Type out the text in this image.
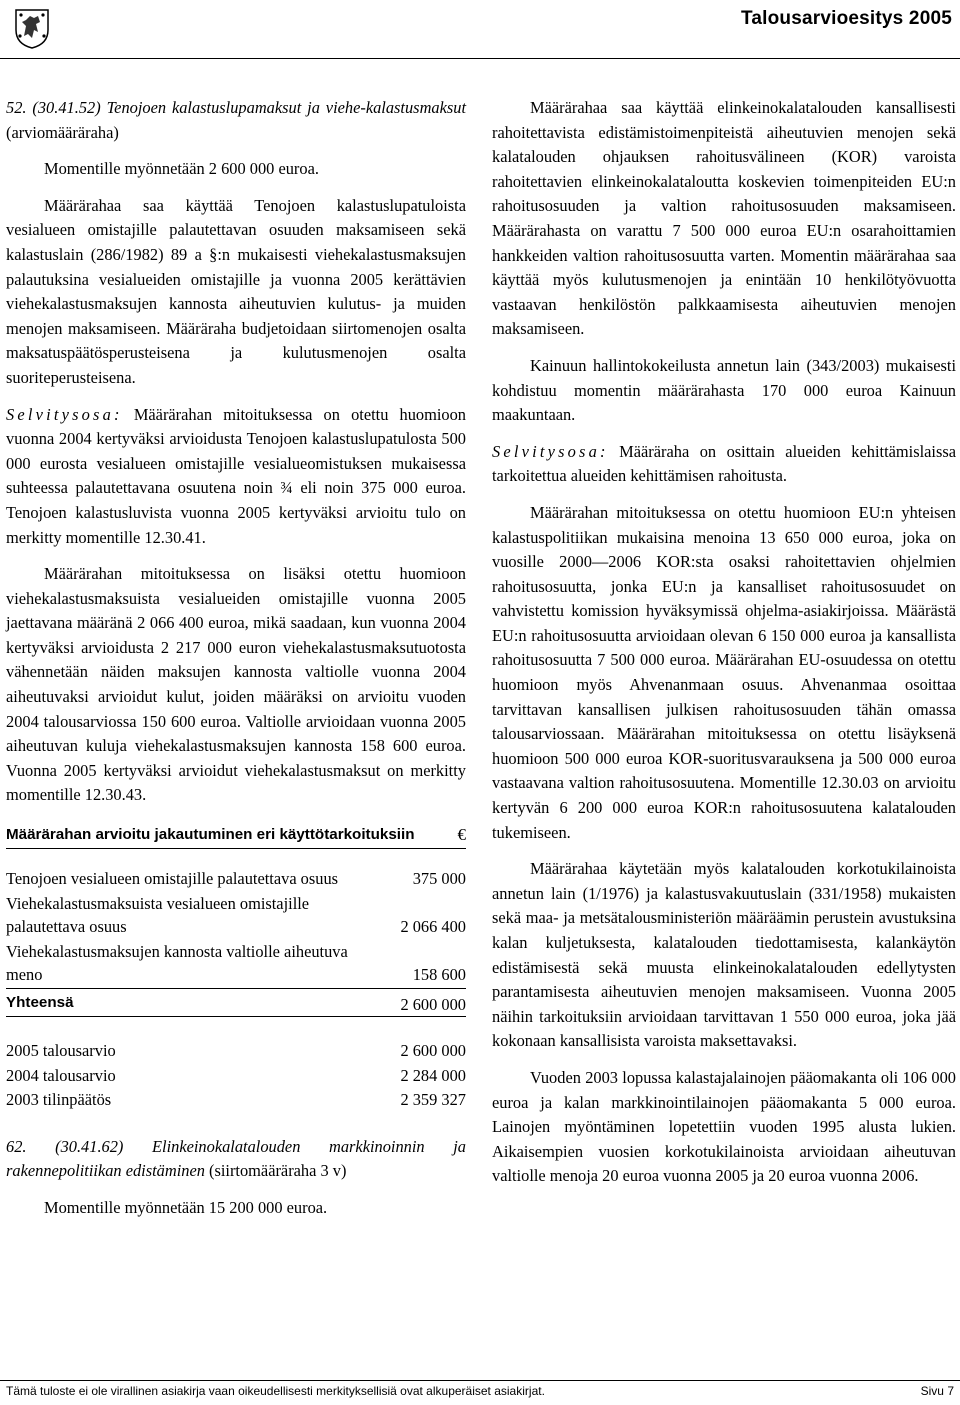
Talousarvioesitys 2005

52. (30.41.52) Tenojoen kalastuslupamaksut ja viehe-kalastusmaksut (arviomääräraha)

Momentille myönnetään 2 600 000 euroa.

Määrärahaa saa käyttää Tenojoen kalastuslupatuloista vesialueen omistajille palautettavan osuuden maksamiseen sekä kalastuslain (286/1982) 89 a §:n mukaisesti viehekalastusmaksujen palautuksina vesialueiden omistajille ja vuonna 2005 kerättävien viehekalastusmaksujen kannosta aiheutuvien kulutus- ja muiden menojen maksamiseen. Määräraha budjetoidaan siirtomenojen osalta maksatuspäätösperusteisena ja kulutusmenojen osalta suoriteperusteisena.

Selvitysosa: Määrärahan mitoituksessa on otettu huomioon vuonna 2004 kertyväksi arvioidusta Tenojoen kalastuslupatulosta 500 000 eurosta vesialueen omistajille vesialueomistuksen mukaisessa suhteessa palautettavana osuutena noin ¾ eli noin 375 000 euroa. Tenojoen kalastusluvista vuonna 2005 kertyväksi arvioitu tulo on merkitty momentille 12.30.41.

Määrärahan mitoituksessa on lisäksi otettu huomioon viehekalastusmaksuista vesialueiden omistajille vuonna 2005 jaettavana määränä 2 066 400 euroa, mikä saadaan, kun vuonna 2004 kertyväksi arvioidusta 2 217 000 euron viehekalastusmaksutuotosta vähennetään näiden maksujen kannosta valtiolle vuonna 2004 aiheutuvaksi arvioidut kulut, joiden määräksi on arvioitu vuoden 2004 talousarviossa 150 600 euroa. Valtiolle arvioidaan vuonna 2005 aiheutuvan kuluja viehekalastusmaksujen kannosta 158 600 euroa. Vuonna 2005 kertyväksi arvioidut viehekalastusmaksut on merkitty momentille 12.30.43.

Määrärahan arvioitu jakautuminen eri käyttötarkoituksiin	€
Tenojoen vesialueen omistajille palautettava osuus	375 000
Viehekalastusmaksuista vesialueen omistajille palautettava osuus	2 066 400
Viehekalastusmaksujen kannosta valtiolle aiheutuva meno	158 600
Yhteensä	2 600 000
2005 talousarvio	2 600 000
2004 talousarvio	2 284 000
2003 tilinpäätös	2 359 327

62. (30.41.62) Elinkeinokalatalouden markkinoinnin ja rakennepolitiikan edistäminen (siirtomääräraha 3 v)

Momentille myönnetään 15 200 000 euroa.

Määrärahaa saa käyttää elinkeinokalatalouden kansallisesti rahoitettavista edistämistoimenpiteistä aiheutuvien menojen sekä kalatalouden ohjauksen rahoitusvälineen (KOR) varoista rahoitettavien elinkeinokalataloutta koskevien toimenpiteiden EU:n rahoitusosuuden ja valtion rahoitusosuuden maksamiseen. Määrärahasta on varattu 7 500 000 euroa EU:n osarahoittamien hankkeiden valtion rahoitusosuutta varten. Momentin määrärahaa saa käyttää myös kulutusmenojen ja enintään 10 henkilötyövuotta vastaavan henkilöstön palkkaamisesta aiheutuvien menojen maksamiseen.

Kainuun hallintokokeilusta annetun lain (343/2003) mukaisesti kohdistuu momentin määrärahasta 170 000 euroa Kainuun maakuntaan.

Selvitysosa: Määräraha on osittain alueiden kehittämislaissa tarkoitettua alueiden kehittämisen rahoitusta.

Määrärahan mitoituksessa on otettu huomioon EU:n yhteisen kalastuspolitiikan mukaisina menoina 13 650 000 euroa, joka on vuosille 2000—2006 KOR:sta osaksi rahoitettavien ohjelmien rahoitusosuutta, jonka EU:n ja kansalliset rahoitusosuudet on vahvistettu komission hyväksymissä ohjelma-asiakirjoissa. Määrästä EU:n rahoitusosuutta arvioidaan olevan 6 150 000 euroa ja kansallista rahoitusosuutta 7 500 000 euroa. Määrärahan EU-osuudessa on otettu huomioon myös Ahvenanmaan osuus. Ahvenanmaa osoittaa tarvittavan kansallisen julkisen rahoitusosuuden tähän omassa talousarviossaan. Määrärahan mitoituksessa on otettu lisäyksenä huomioon 500 000 euroa KOR-suoritusvarauksena ja 500 000 euroa vastaavana valtion rahoitusosuutena. Momentille 12.30.03 on arvioitu kertyvän 6 200 000 euroa KOR:n rahoitusosuutena kalatalouden tukemiseen.

Määrärahaa käytetään myös kalatalouden korkotukilainoista annetun lain (1/1976) ja kalastusvakuutuslain (331/1958) mukaisten sekä maa- ja metsätalousministeriön määräämin perustein avustuksina kalan kuljetuksesta, kalatalouden tiedottamisesta, kalankäytön edistämisestä sekä muusta elinkeinokalatalouden edellytysten parantamisesta aiheutuvien menojen maksamiseen. Vuonna 2005 näihin tarkoituksiin arvioidaan tarvittavan 1 550 000 euroa, joka jää kokonaan kansallisista varoista maksettavaksi.

Vuoden 2003 lopussa kalastajalainojen pääomakanta oli 106 000 euroa ja kalan markkinointilainojen pääomakanta 5 000 euroa. Lainojen myöntäminen lopetettiin vuoden 1995 alusta lukien. Aikaisempien vuosien korkotukilainoista arvioidaan aiheutuvan valtiolle menoja 20 euroa vuonna 2005 ja 20 euroa vuonna 2006.

Tämä tuloste ei ole virallinen asiakirja vaan oikeudellisesti merkityksellisiä ovat alkuperäiset asiakirjat.	Sivu 7
